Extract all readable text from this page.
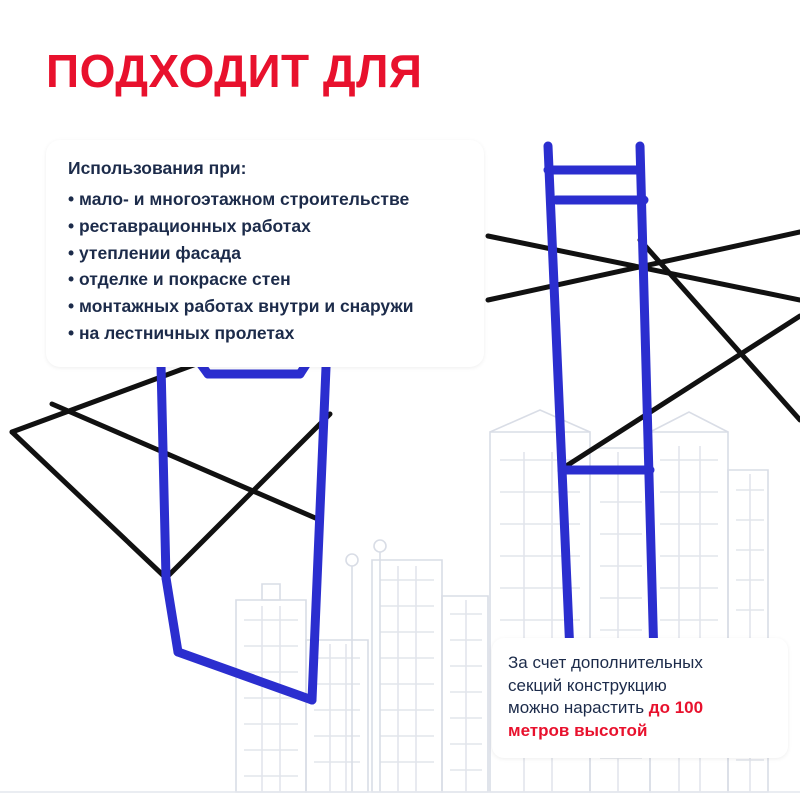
ПОДХОДИТ ДЛЯ
Использования при:
• мало- и многоэтажном строительстве
• реставрационных работах
• утеплении фасада
• отделке и покраске стен
• монтажных работах внутри и снаружи
• на лестничных пролетах
За счет дополнительных
секций конструкцию
можно нарастить до 100
метров высотой
